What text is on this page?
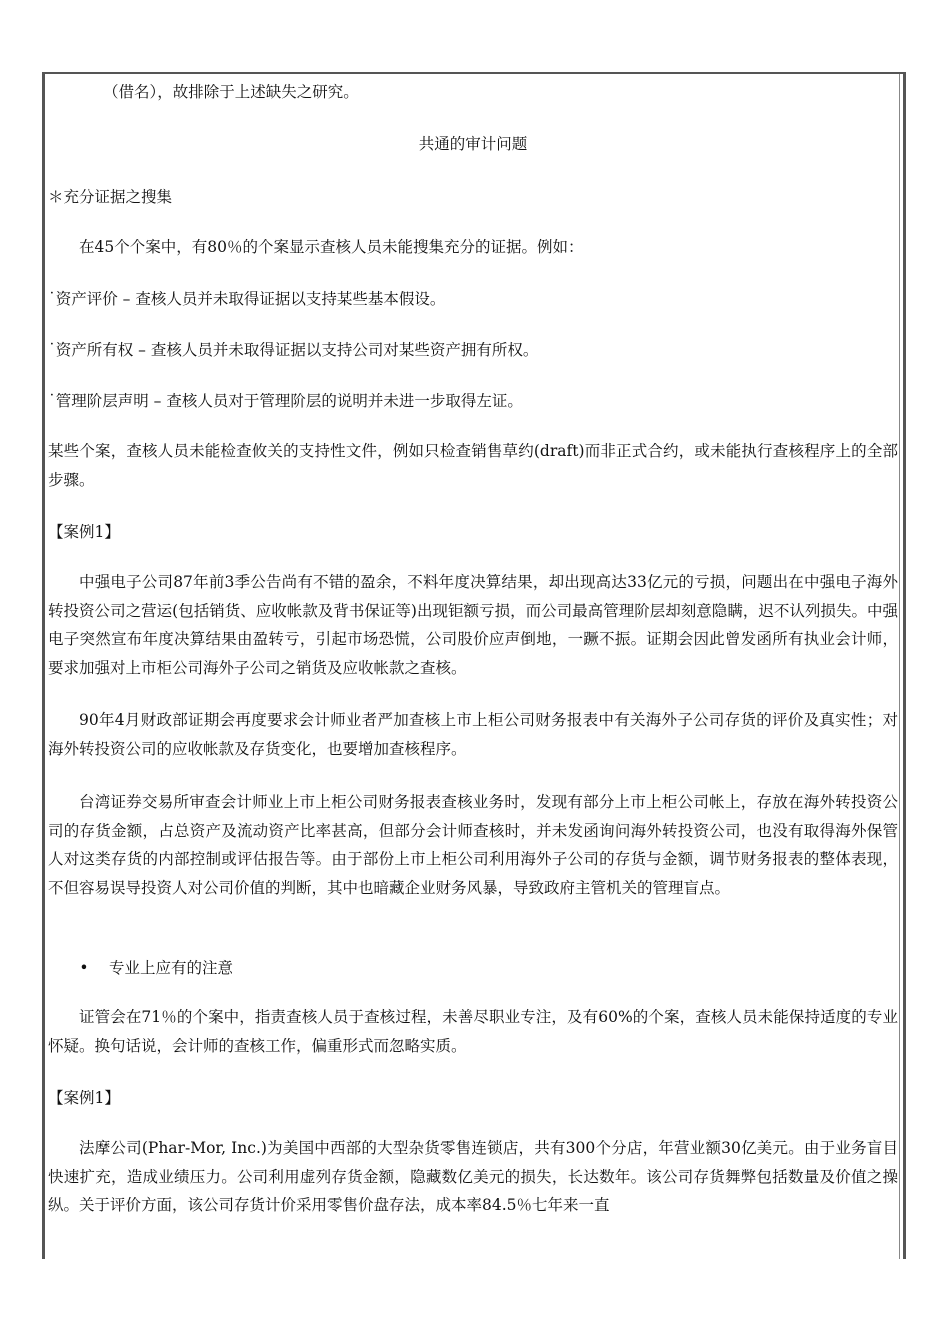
（借名），故排除于上述缺失之研究。
共通的审计问题
＊充分证据之搜集
在45个个案中，有80％的个案显示查核人员未能搜集充分的证据。例如：
˙资产评价 – 查核人员并未取得证据以支持某些基本假设。
˙资产所有权 – 查核人员并未取得证据以支持公司对某些资产拥有所权。
˙管理阶层声明 – 查核人员对于管理阶层的说明并未进一步取得左证。
某些个案，查核人员未能检查攸关的支持性文件，例如只检查销售草约(draft)而非正式合约，或未能执行查核程序上的全部步骤。
【案例1】
中强电子公司87年前3季公告尚有不错的盈余，不料年度决算结果，却出现高达33亿元的亏损，问题出在中强电子海外转投资公司之营运(包括销货、应收帐款及背书保证等)出现钜额亏损，而公司最高管理阶层却刻意隐瞒，迟不认列损失。中强电子突然宣布年度决算结果由盈转亏，引起市场恐慌，公司股价应声倒地，一蹶不振。证期会因此曾发函所有执业会计师，要求加强对上市柜公司海外子公司之销货及应收帐款之查核。
90年4月财政部证期会再度要求会计师业者严加查核上市上柜公司财务报表中有关海外子公司存货的评价及真实性；对海外转投资公司的应收帐款及存货变化，也要增加查核程序。
台湾证券交易所审查会计师业上市上柜公司财务报表查核业务时，发现有部分上市上柜公司帐上，存放在海外转投资公司的存货金额，占总资产及流动资产比率甚高，但部分会计师查核时，并未发函询问海外转投资公司，也没有取得海外保管人对这类存货的内部控制或评估报告等。由于部份上市上柜公司利用海外子公司的存货与金额，调节财务报表的整体表现，不但容易误导投资人对公司价值的判断，其中也暗藏企业财务风暴，导致政府主管机关的管理盲点。
• 专业上应有的注意
证管会在71％的个案中，指责查核人员于查核过程，未善尽职业专注，及有60%的个案，查核人员未能保持适度的专业怀疑。换句话说，会计师的查核工作，偏重形式而忽略实质。
【案例1】
法摩公司(Phar-Mor, Inc.)为美国中西部的大型杂货零售连锁店，共有300个分店，年营业额30亿美元。由于业务盲目快速扩充，造成业绩压力。公司利用虚列存货金额，隐藏数亿美元的损失，长达数年。该公司存货舞弊包括数量及价值之操纵。关于评价方面，该公司存货计价采用零售价盘存法，成本率84.5％七年来一直
